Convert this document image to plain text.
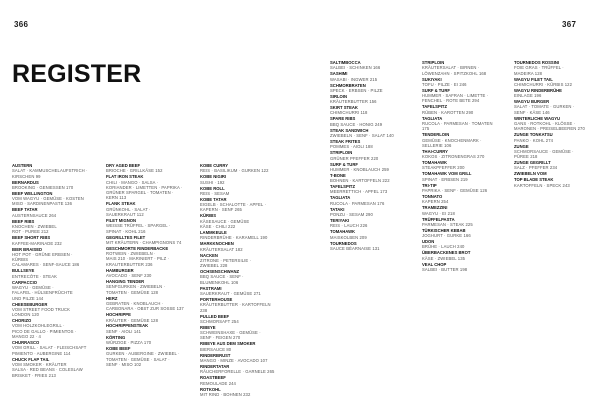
366	367
REGISTER
AUSTERN
SALAT · KAMMUSCHELAUFSTRICH ·
KIRSCHEN 99
BERNARDUS
BROOKING · GENIESSEN 170
BEEF WELLINGTON
VOM WAGYU · GEMÜSE · KOSTEN
MISO · SARDINENPASTE 136
BEEF TATAR
AUSTERNSAUCE 264
BEEF RIBS
KNOCHEN · ZWIEBEL
ROT · PUREE 212
BEEF SHORT RIBS
KAFFEE-MARINADE 232
BIER BRAISED
HOT POT · GRÜNE ERBSEN · KÜRBIS
CALAMARES · SENF-SAUCE 186
BULLSEYE
ENTRECÔTE · STEAK
CARPACCIO
WAGYU · GEMÜSE ·
FALAFEL · HÜLSENFRÜCHTE
UND PILZE 144
CHEESEBURGER
VOM STREET FOOD TRUCK
LONDON 120
CHORIZO
VOM HOLZKOHLEGRILL ·
PICO DE GALLO · PIMIENTOS ·
MANGO 22 · 4
CHURRASCO
VOM GRILL · SALAT · FLEISCHSAFT
PIMIENTO · AUBERGINE 114
CHUCK FLAP TAIL
VOM SMOKER · KRÄUTER
SALSA · RED BEANS · COLESLAW
BRISKET · FRIES 213
DRY AGED BEEF
BRIOCHE · GRILLKÄSE 152
FLAT IRON STEAK
CHILI · MANGO · SALSA ·
KORIANDER · LIMETTEN · PAPRIKA ·
GRÜNER SPARGEL · TOMATEN ·
KERN 113
FLANK STEAK
GRÜNKOHL · SALAT ·
SAUERKRAUT 112
FILET MIGNON
WEISSE TRÜFFEL · SPARGEL ·
SPINAT · KOHL 216
GEGRILLTES FILET
MIT KRÄUTERN · CHAMPIGNONS 74
GESCHMORTE RINDERBACKE
ROTWEIN · ZWIEBELN ·
MAIS 210 · MARINIERT · PILZ ·
KRAUTERBUTTER 236
HAMBURGER
AVOCADO · SENF 230
HANGING TENDER
SENFGURKEN · ZWIEBELN ·
TOMATEN · GEMÜSE 128
HERZ
GEBRATEN · KNOBLAUCH ·
CARBONARA · OBST ZUR SOSSE 137
HOCHRIPPE
KRÄUTER · GEMÜSE 128
HOCHRIPPENSTEAK
SENF · AIOLI 141
KÖRTING
WÜRZIGE · PIZZA 170
KOBE BEEF
GURKEN · AUBERGINE · ZWIEBEL ·
TOMATEN · GEMÜSE · SALAT ·
SENF · MISO 102
KOBE CURRY
REIS · BASILIKUM · GURKEN 122
KOBE NIGIRI
SUSHI · 192
KOBE ROLL
REIS · SESAM
KOBE TATAR
EIGELB · SCHALOTTE · APFEL ·
KAPERN · SENF 265
KÜRBIS
KÄSESAUCE · GEMÜSE
KÄSE · CHILI 222
LAMMKEULE
RINDERBRÜHE · KARAMELL 190
MARKKNOCHEN
KRÄUTERSALAT 182
NACKEN
ZITRONE · PETERSILIE ·
ZWIEBEL 228
OCHSENSCHWANZ
BBQ SAUCE · SENF ·
BLUMENKOHL 106
PASTRAMI
SAUERKRAUT · GEMÜSE 271
PORTERHOUSE
KRÄUTERBUTTER · KARTOFFELN 238
PULLED BEEF
SCHMORSAFT 254
RIBEYE
SCHWEINSHAXE · GEMÜSE ·
SENF · FEIGEN 270
RIBEYE AUS DEM SMOKER
BIERSAUCE 80
RINDERBRUST
MANGO · MINZE · AVOCADO 107
RINDERTATAR
RÄUCHERFORELLE · GARNELE 265
ROASTBEEF
REMOULADE 244
ROTKOHL
MIT RIND · BOHNEN 232
SALTIMBOCCA
SALBEI · SCHINKEN 166
SASHIMI
WASABI · INGWER 215
SCHMORBRATEN
SPECK · ERBSEN · PILZE
SIRLOIN
KRÄUTERBUTTER 156
SKIRT STEAK
CHIMICHURRI 118
SPARE RIBS
BBQ SAUCE · HONIG 249
STEAK SANDWICH
ZWIEBELN · SENF · SALAT 140
STEAK FRITES
POMMES · AIOLI 188
STRIPLOIN
GRÜNER PFEFFER 220
SURF & TURF
HUMMER · KNOBLAUCH 259
T-BONE
BOHNEN · KARTOFFELN 222
TAFELSPITZ
MEERRETTICH · APFEL 173
TAGLIATA
RUCOLA · PARMESAN 176
TATAKI
PONZU · SESAM 290
TERIYAKI
REIS · LAUCH 226
TOMAHAWK
MAISKOLBEN 209
TOURNEDOS
SAUCE BÉARNAISE 131
STRIPLOIN
KRÄUTERSALAT · BIRNEN ·
LÖWENZAHN · SPITZKOHL 168
SUKIYAKI
TOFU · PILZE · EI 246
SURF & TURF
HUMMER · SAFRAN · LIMETTE ·
FENCHEL · ROTE BETE 294
TAFELSPITZ
RÜBEN · KAROTTEN 290
TAGLIATA
RUCOLA · PARMESAN · TOMATEN 175
TENDERLOIN
GEMÜSE · KNOCHENMARK ·
SELLERIE 106
THAI-CURRY
KOKOS · ZITRONENGRAS 270
TOMAHAWK
STEAKPFEFFER 200
TOMAHAWK VOM GRILL
SPINAT · ERBSEN 219
TRI-TIP
PAPRIKA · SENF · GEMÜSE 126
TONNATO
KAPERN 254
TRAMEZZINI
WAGYU · EI 218
TRÜFFELPASTA
PARMESAN · STEAK 225
TÜRKISCHER KEBAB
JOGHURT · GURKE 166
UDON
BRÜHE · LAUCH 240
ÜBERBACKENES BROT
KÄSE · ZWIEBEL 135
VEAL CHOP
SALBEI · BUTTER 198
TOURNEDOS ROSSINI
FOIE GRAS · TRÜFFEL ·
MADEIRA 128
WAGYU FILET TAIL
CHIMICHURRI · KÜRBIS 122
WAGYU RINDERBRÜHE
EINLAGE 196
WAGYU BURGER
SALAT · TOMATE · GURKEN ·
SENF · KÄSE 146
WINTERLICHE WAGYU
GANS · ROTKOHL · KLÖSSE ·
MARONEN · PREISELBEEREN 270
ZUNGE TONKATSU
PANKO · KOHL 274
ZUNGE
SCHMORSAUCE · GEMÜSE ·
PÜREE 218
ZUNGE GEGRILLT
SALZ · PFEFFER 234
ZWIEBELN VOM
TOP BLADE STEAK
KARTOFFELN · SPECK 243
